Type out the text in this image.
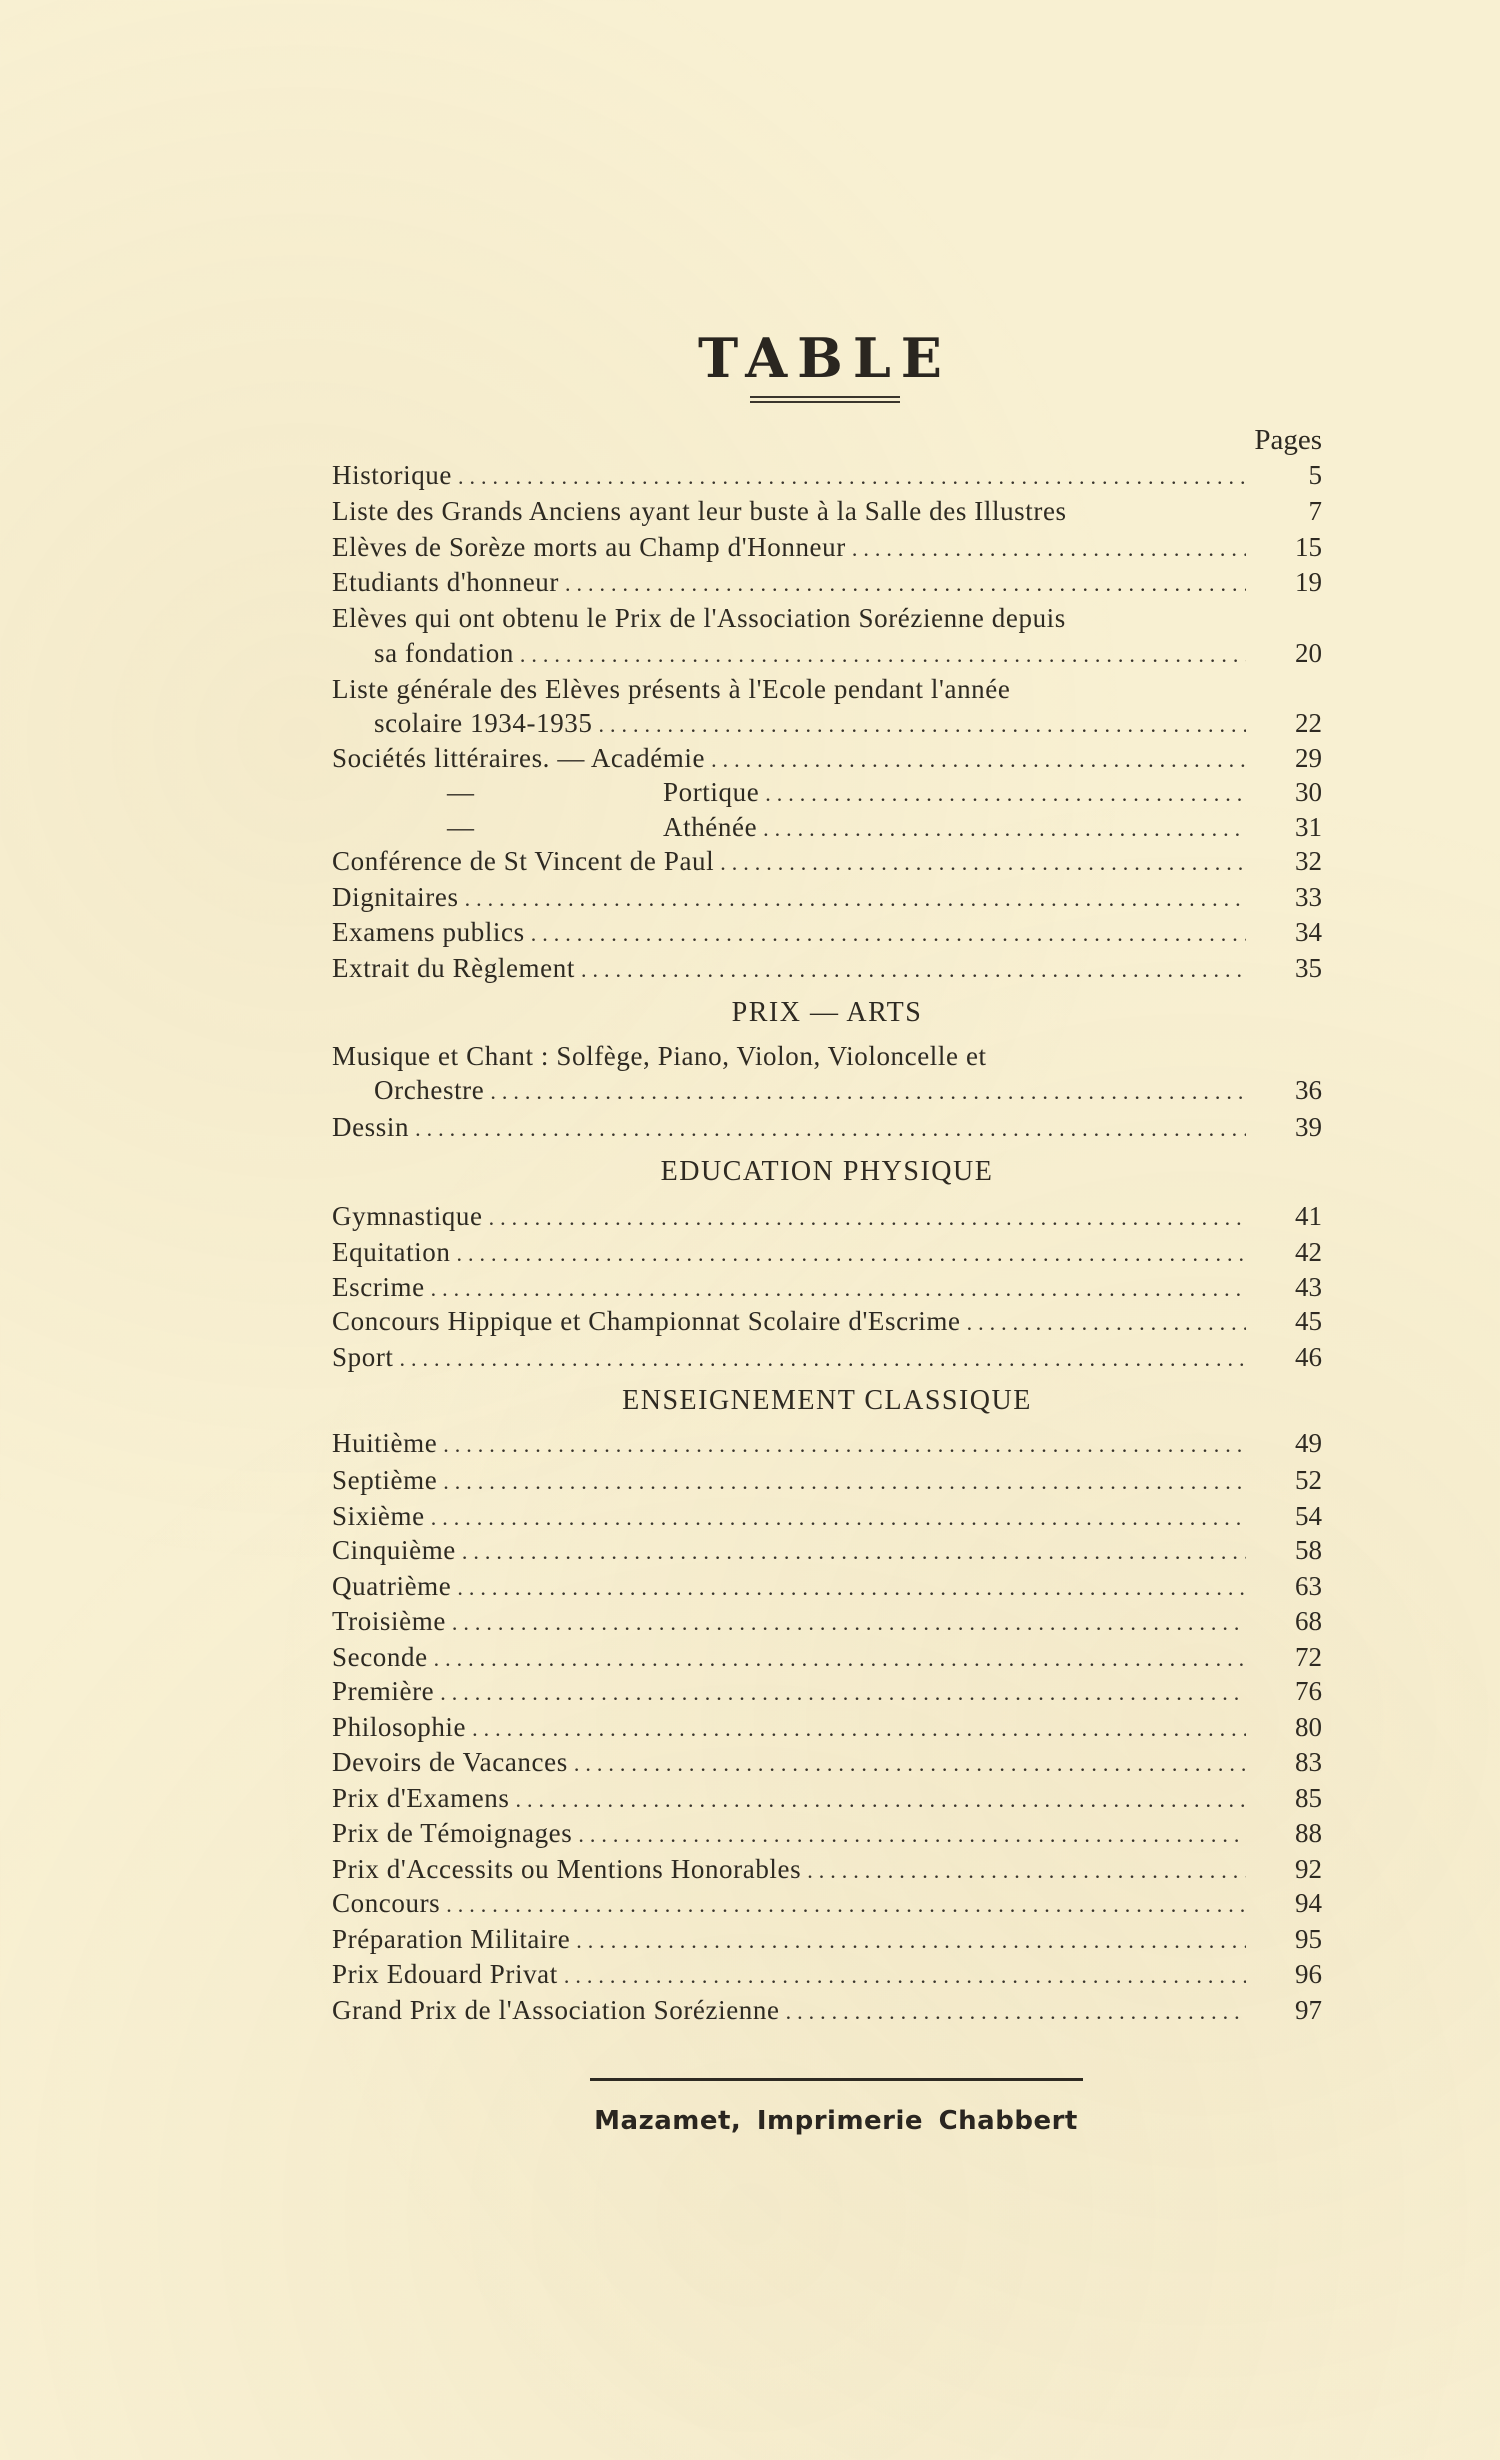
TABLE
Pages
Historique .....	5
Liste des Grands Anciens ayant leur buste à la Salle des Illustres	7
Elèves de Sorèze morts au Champ d'Honneur .....	15
Etudiants d'honneur .....	19
Elèves qui ont obtenu le Prix de l'Association Sorézienne depuis
sa fondation .....	20
Liste générale des Elèves présents à l'Ecole pendant l'année
scolaire 1934-1935 .....	22
Sociétés littéraires. — Académie .....	29
—	Portique .....	30
—	Athénée .....	31
Conférence de St Vincent de Paul .....	32
Dignitaires .....	33
Examens publics .....	34
Extrait du Règlement .....	35
PRIX — ARTS
Musique et Chant : Solfège, Piano, Violon, Violoncelle et
Orchestre .....	36
Dessin .....	39
EDUCATION PHYSIQUE
Gymnastique .....	41
Equitation .....	42
Escrime .....	43
Concours Hippique et Championnat Scolaire d'Escrime .....	45
Sport .....	46
ENSEIGNEMENT CLASSIQUE
Huitième .....	49
Septième .....	52
Sixième .....	54
Cinquième .....	58
Quatrième .....	63
Troisième .....	68
Seconde .....	72
Première .....	76
Philosophie .....	80
Devoirs de Vacances .....	83
Prix d'Examens .....	85
Prix de Témoignages .....	88
Prix d'Accessits ou Mentions Honorables .....	92
Concours .....	94
Préparation Militaire .....	95
Prix Edouard Privat .....	96
Grand Prix de l'Association Sorézienne .....	97
Mazamet, Imprimerie Chabbert
